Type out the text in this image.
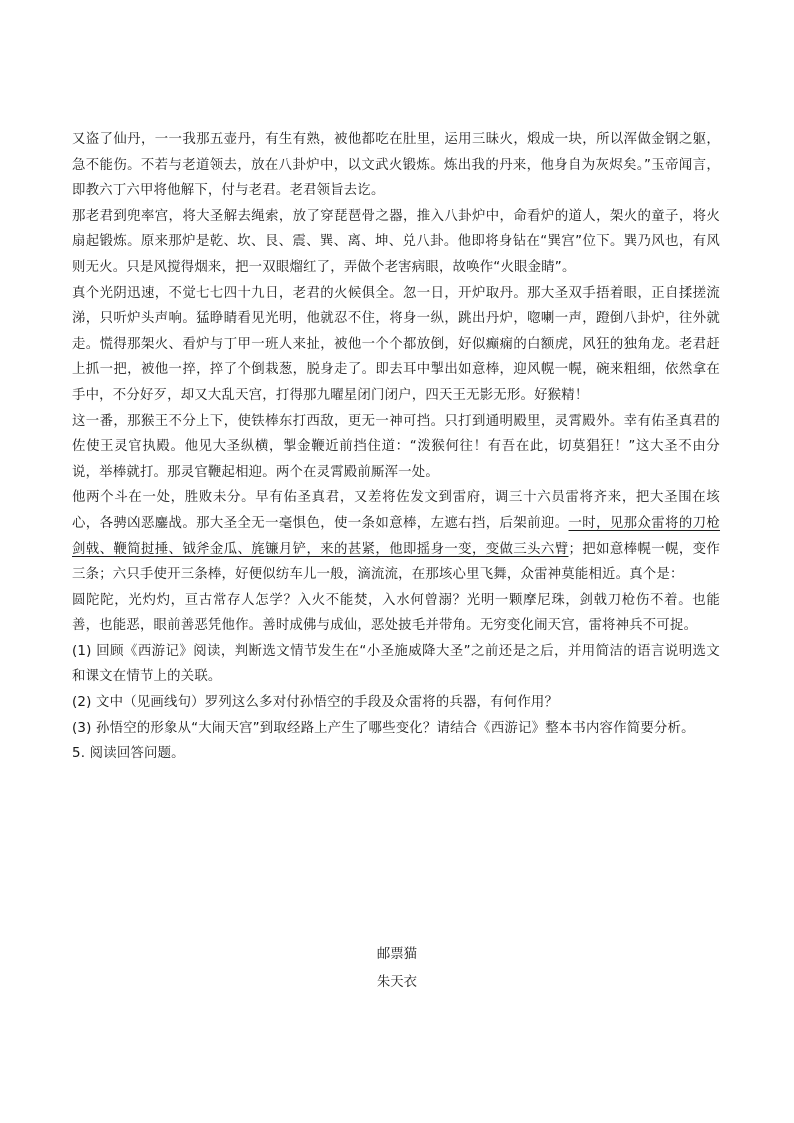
又盗了仙丹，一一我那五壶丹，有生有熟，被他都吃在肚里，运用三昧火，煅成一块，所以浑做金钢之躯，急不能伤。不若与老道领去，放在八卦炉中，以文武火锻炼。炼出我的丹来，他身自为灰烬矣。”玉帝闻言，即教六丁六甲将他解下，付与老君。老君领旨去讫。

那老君到兜率宫，将大圣解去绳索，放了穿琵琶骨之器，推入八卦炉中，命看炉的道人，架火的童子，将火扇起锻炼。原来那炉是乾、坎、艮、震、巽、离、坤、兑八卦。他即将身钻在“巽宫”位下。巽乃风也，有风则无火。只是风搅得烟来，把一双眼熘红了，弄做个老害病眼，故唤作“火眼金睛”。

真个光阴迅速，不觉七七四十九日，老君的火候俱全。忽一日，开炉取丹。那大圣双手捂着眼，正自揉搓流涕，只听炉头声响。猛睁睛看见光明，他就忍不住，将身一纵，跳出丹炉，唿喇一声，蹬倒八卦炉，往外就走。慌得那架火、看炉与丁甲一班人来扯，被他一个个都放倒，好似癫痫的白额虎，风狂的独角龙。老君赶上抓一把，被他一捽，捽了个倒栽葱，脱身走了。即去耳中掣出如意棒，迎风幌一幌，碗来粗细，依然拿在手中，不分好歹，却又大乱天宫，打得那九曜星闭门闭户，四天王无影无形。好猴精！

这一番，那猴王不分上下，使铁棒东打西敌，更无一神可挡。只打到通明殿里，灵霄殿外。幸有佑圣真君的佐使王灵官执殿。他见大圣纵横，掣金鞭近前挡住道：“泼猴何往！有吾在此，切莫猖狂！”这大圣不由分说，举棒就打。那灵官鞭起相迎。两个在灵霄殿前厮浑一处。

他两个斗在一处，胜败未分。早有佑圣真君，又差将佐发文到雷府，调三十六员雷将齐来，把大圣围在垓心，各骋凶恶鏖战。那大圣全无一毫惧色，使一条如意棒，左遮右挡，后架前迎。一时，见那众雷将的刀枪剑戟、鞭简挝捶、钺斧金瓜、旄镰月铲，来的甚紧，他即摇身一变，变做三头六臂；把如意棒幌一幌，变作三条；六只手使开三条棒，好便似纺车儿一般，滴流流，在那垓心里飞舞，众雷神莫能相近。真个是：

圆陀陀，光灼灼，亘古常存人怎学？入火不能焚，入水何曾溺？光明一颗摩尼珠，剑戟刀枪伤不着。也能善，也能恶，眼前善恶凭他作。善时成佛与成仙，恶处披毛并带角。无穷变化闹天宫，雷将神兵不可捉。

(1) 回顾《西游记》阅读，判断选文情节发生在“小圣施威降大圣”之前还是之后，并用简洁的语言说明选文和课文在情节上的关联。

(2) 文中（见画线句）罗列这么多对付孙悟空的手段及众雷将的兵器，有何作用？

(3) 孙悟空的形象从“大闹天宫”到取经路上产生了哪些变化？请结合《西游记》整本书内容作简要分析。

5. 阅读回答问题。

邮票猫

朱天衣
